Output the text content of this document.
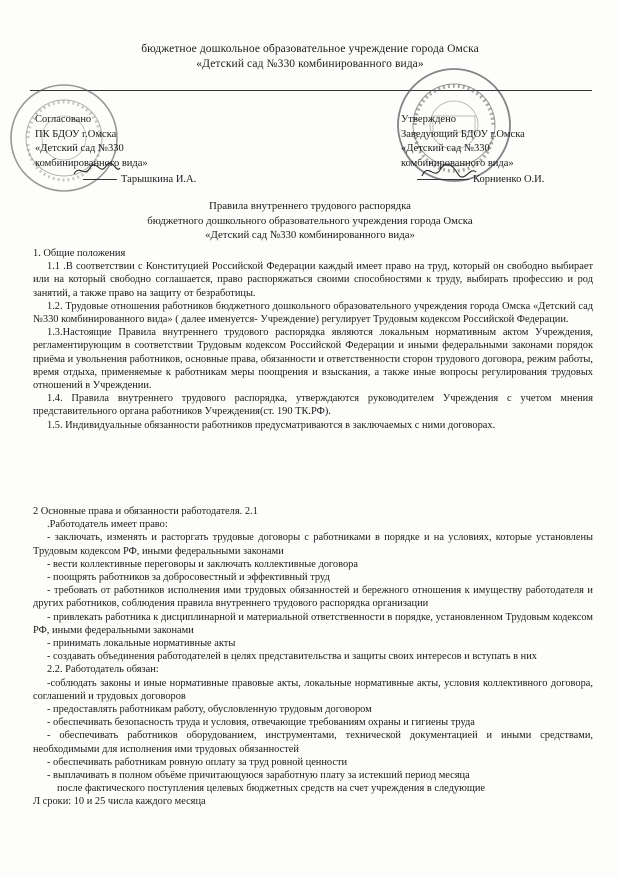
бюджетное дошкольное образовательное учреждение города Омска
«Детский сад №330 комбинированного вида»
Согласовано
ПК БДОУ г.Омска
«Детский сад №330
комбинированного вида»
Тарышкина И.А.
Утверждено
Заведующий БДОУ г.Омска
«Детский сад №330
комбинированного вида»
Корниенко О.И.
Правила внутреннего трудового распорядка
бюджетного дошкольного образовательного учреждения города Омска
«Детский сад №330 комбинированного вида»

1. Общие положения

1.1 .В соответствии с Конституцией Российской Федерации каждый имеет право на труд, который он свободно выбирает или на который свободно соглашается, право распоряжаться своими способностями к труду, выбирать профессию и род занятий, а также право на защиту от безработицы.

1.2. Трудовые отношения работников бюджетного дошкольного образовательного учреждения города Омска «Детский сад №330 комбинированного вида» ( далее именуется- Учреждение) регулирует Трудовым кодексом Российской Федерации.

1.3.Настоящие Правила внутреннего трудового распорядка являются локальным нормативным актом Учреждения, регламентирующим в соответствии Трудовым кодексом Российской Федерации и иными федеральными законами порядок приёма и увольнения работников, основные права, обязанности и ответственности сторон трудового договора, режим работы, время отдыха, применяемые к работникам меры поощрения и взыскания, а также иные вопросы регулирования трудовых отношений в Учреждении.

1.4. Правила внутреннего трудового распорядка, утверждаются руководителем Учреждения с учетом мнения представительного органа работников Учреждения(ст. 190 ТК.РФ).

1.5. Индивидуальные обязанности работников предусматриваются в заключаемых с ними договорах.

2 Основные права и обязанности работодателя. 2.1

.Работодатель имеет право:

- заключать, изменять и расторгать трудовые договоры с работниками в порядке и на условиях, которые установлены Трудовым кодексом РФ, иными федеральными законами

- вести коллективные переговоры и заключать коллективные договора

- поощрять работников за добросовестный и эффективный труд

- требовать от работников исполнения ими трудовых обязанностей и бережного отношения к имуществу работодателя и других работников, соблюдения правила внутреннего трудового распорядка организации

- привлекать работника к дисциплинарной и материальной ответственности в порядке, установленном Трудовым кодексом РФ, иными федеральными законами

- принимать локальные нормативные акты

- создавать объединения работодателей в целях представительства и защиты своих интересов и вступать в них

2.2. Работодатель обязан:

-соблюдать законы и иные нормативные правовые акты, локальные нормативные акты, условия коллективного договора, соглашений и трудовых договоров

- предоставлять работникам работу, обусловленную трудовым договором

- обеспечивать безопасность труда и условия, отвечающие требованиям охраны и гигиены труда

- обеспечивать работников оборудованием, инструментами, технической документацией и иными средствами, необходимыми для исполнения ими трудовых обязанностей

- обеспечивать работникам ровную оплату за труд ровной ценности

- выплачивать в полном объёме причитающуюся заработную плату за истекший период месяца

после фактического поступления целевых бюджетных средств на счет учреждения в следующие

Л сроки: 10 и 25 числа каждого месяца
